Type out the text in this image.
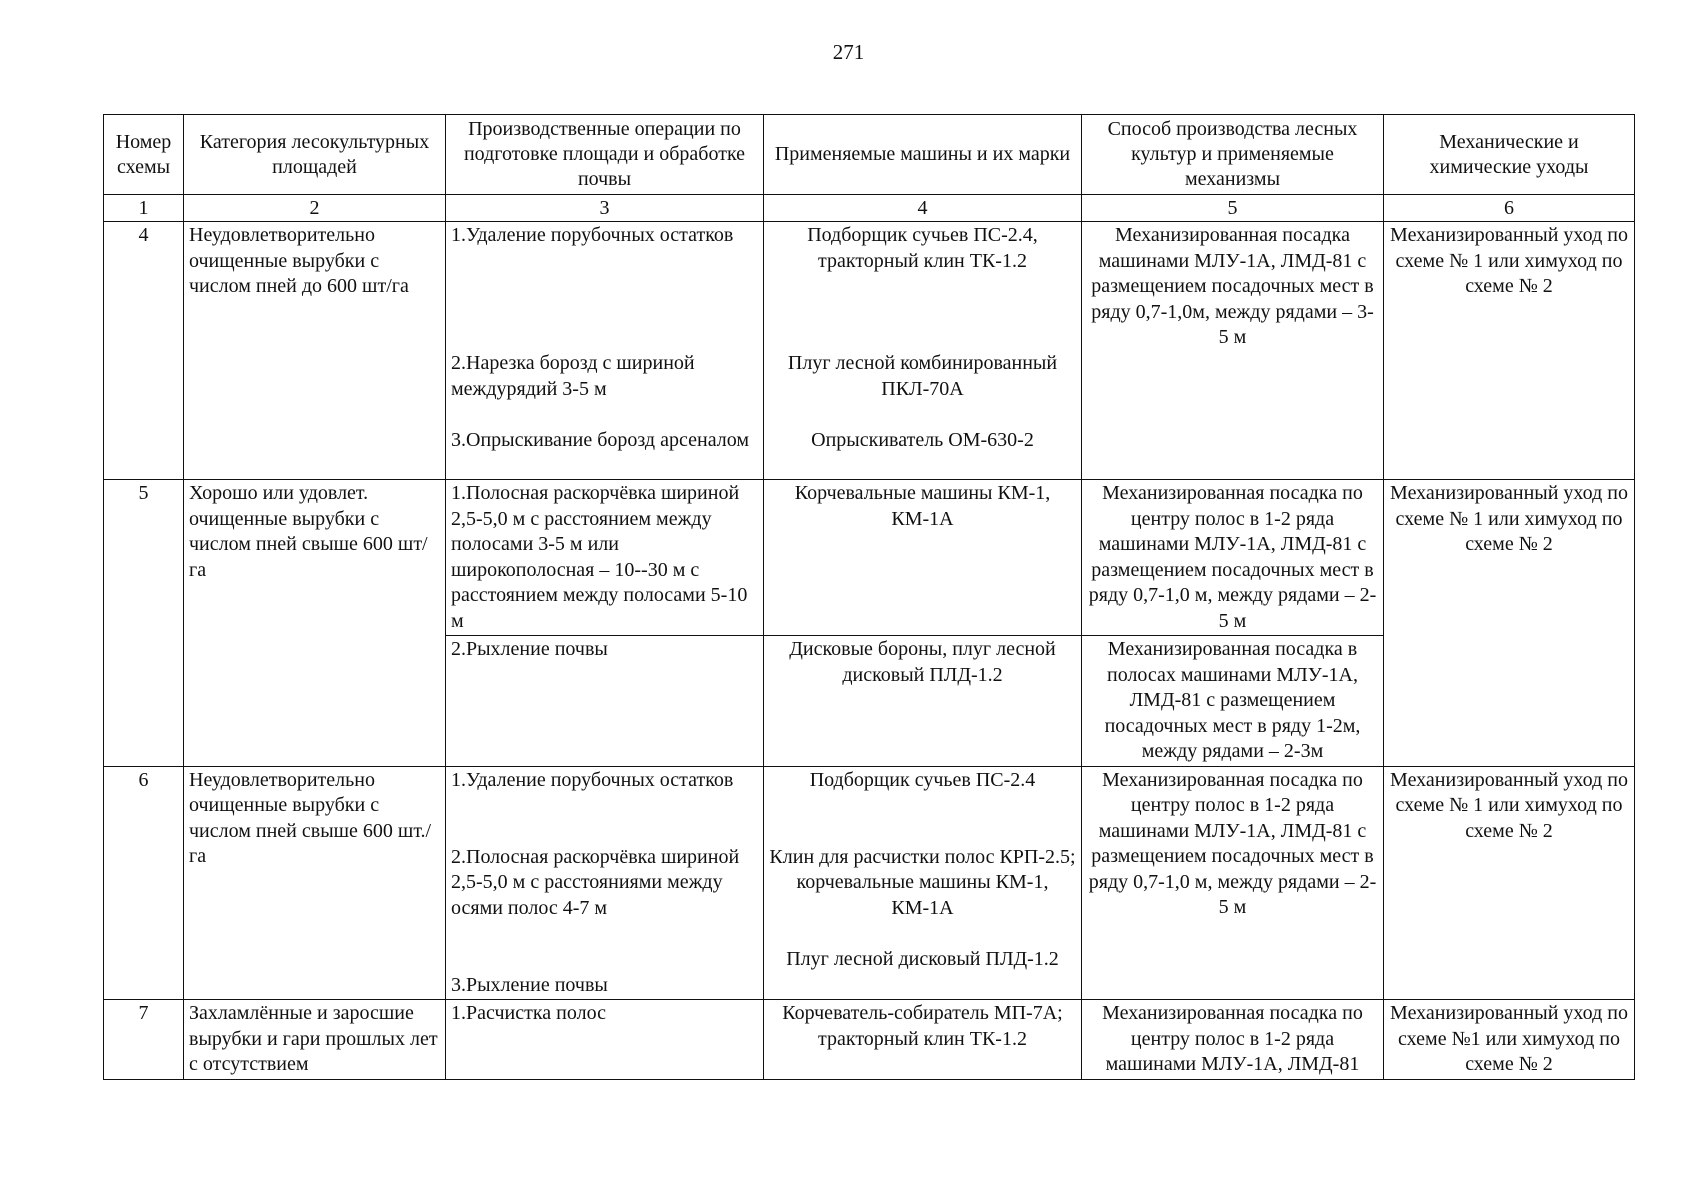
271
Номер схемы	Категория лесокультурных площадей	Производственные операции по подготовке площади и обработке почвы	Применяемые машины и их марки	Способ производства лесных культур и применяемые механизмы	Механические и химические уходы
1	2	3	4	5	6
4	Неудовлетворительно очищенные вырубки с числом пней до 600 шт/га	1.Удаление порубочных остатков
2.Нарезка борозд с шириной междурядий 3-5 м
3.Опрыскивание борозд арсеналом	Подборщик сучьев ПС-2.4, тракторный клин ТК-1.2
Плуг лесной комбинированный ПКЛ-70А
Опрыскиватель ОМ-630-2	Механизированная посадка машинами МЛУ-1А, ЛМД-81 с размещением посадочных мест в ряду 0,7-1,0м, между рядами – 3-5 м	Механизированный уход по схеме № 1 или химуход по схеме № 2
5	Хорошо или удовлет. очищенные вырубки с числом пней свыше 600 шт/га	1.Полосная раскорчёвка шириной 2,5-5,0 м с расстоянием между полосами 3-5 м или широкополосная – 10--30 м с расстоянием между полосами 5-10 м	Корчевальные машины КМ-1, КМ-1А	Механизированная посадка по центру полос в 1-2 ряда машинами МЛУ-1А, ЛМД-81 с размещением посадочных мест в ряду 0,7-1,0 м, между рядами – 2-5 м	Механизированный уход по схеме № 1 или химуход по схеме № 2
		2.Рыхление почвы	Дисковые бороны, плуг лесной дисковый ПЛД-1.2	Механизированная посадка в полосах машинами МЛУ-1А, ЛМД-81 с размещением посадочных мест в ряду 1-2м, между рядами – 2-3м	
6	Неудовлетворительно очищенные вырубки с числом пней свыше 600 шт./га	1.Удаление порубочных остатков
2.Полосная раскорчёвка шириной 2,5-5,0 м с расстояниями между осями полос 4-7 м
3.Рыхление почвы	Подборщик сучьев ПС-2.4
Клин для расчистки полос КРП-2.5; корчевальные машины КМ-1, КМ-1А
Плуг лесной дисковый ПЛД-1.2	Механизированная посадка по центру полос в 1-2 ряда машинами МЛУ-1А, ЛМД-81 с размещением посадочных мест в ряду 0,7-1,0 м, между рядами – 2-5 м	Механизированный уход по схеме № 1 или химуход по схеме № 2
7	Захламлённые и заросшие вырубки и гари прошлых лет с отсутствием	1.Расчистка полос	Корчеватель-собиратель МП-7А; тракторный клин ТК-1.2	Механизированная посадка по центру полос в 1-2 ряда машинами МЛУ-1А, ЛМД-81	Механизированный уход по схеме №1 или химуход по схеме № 2
